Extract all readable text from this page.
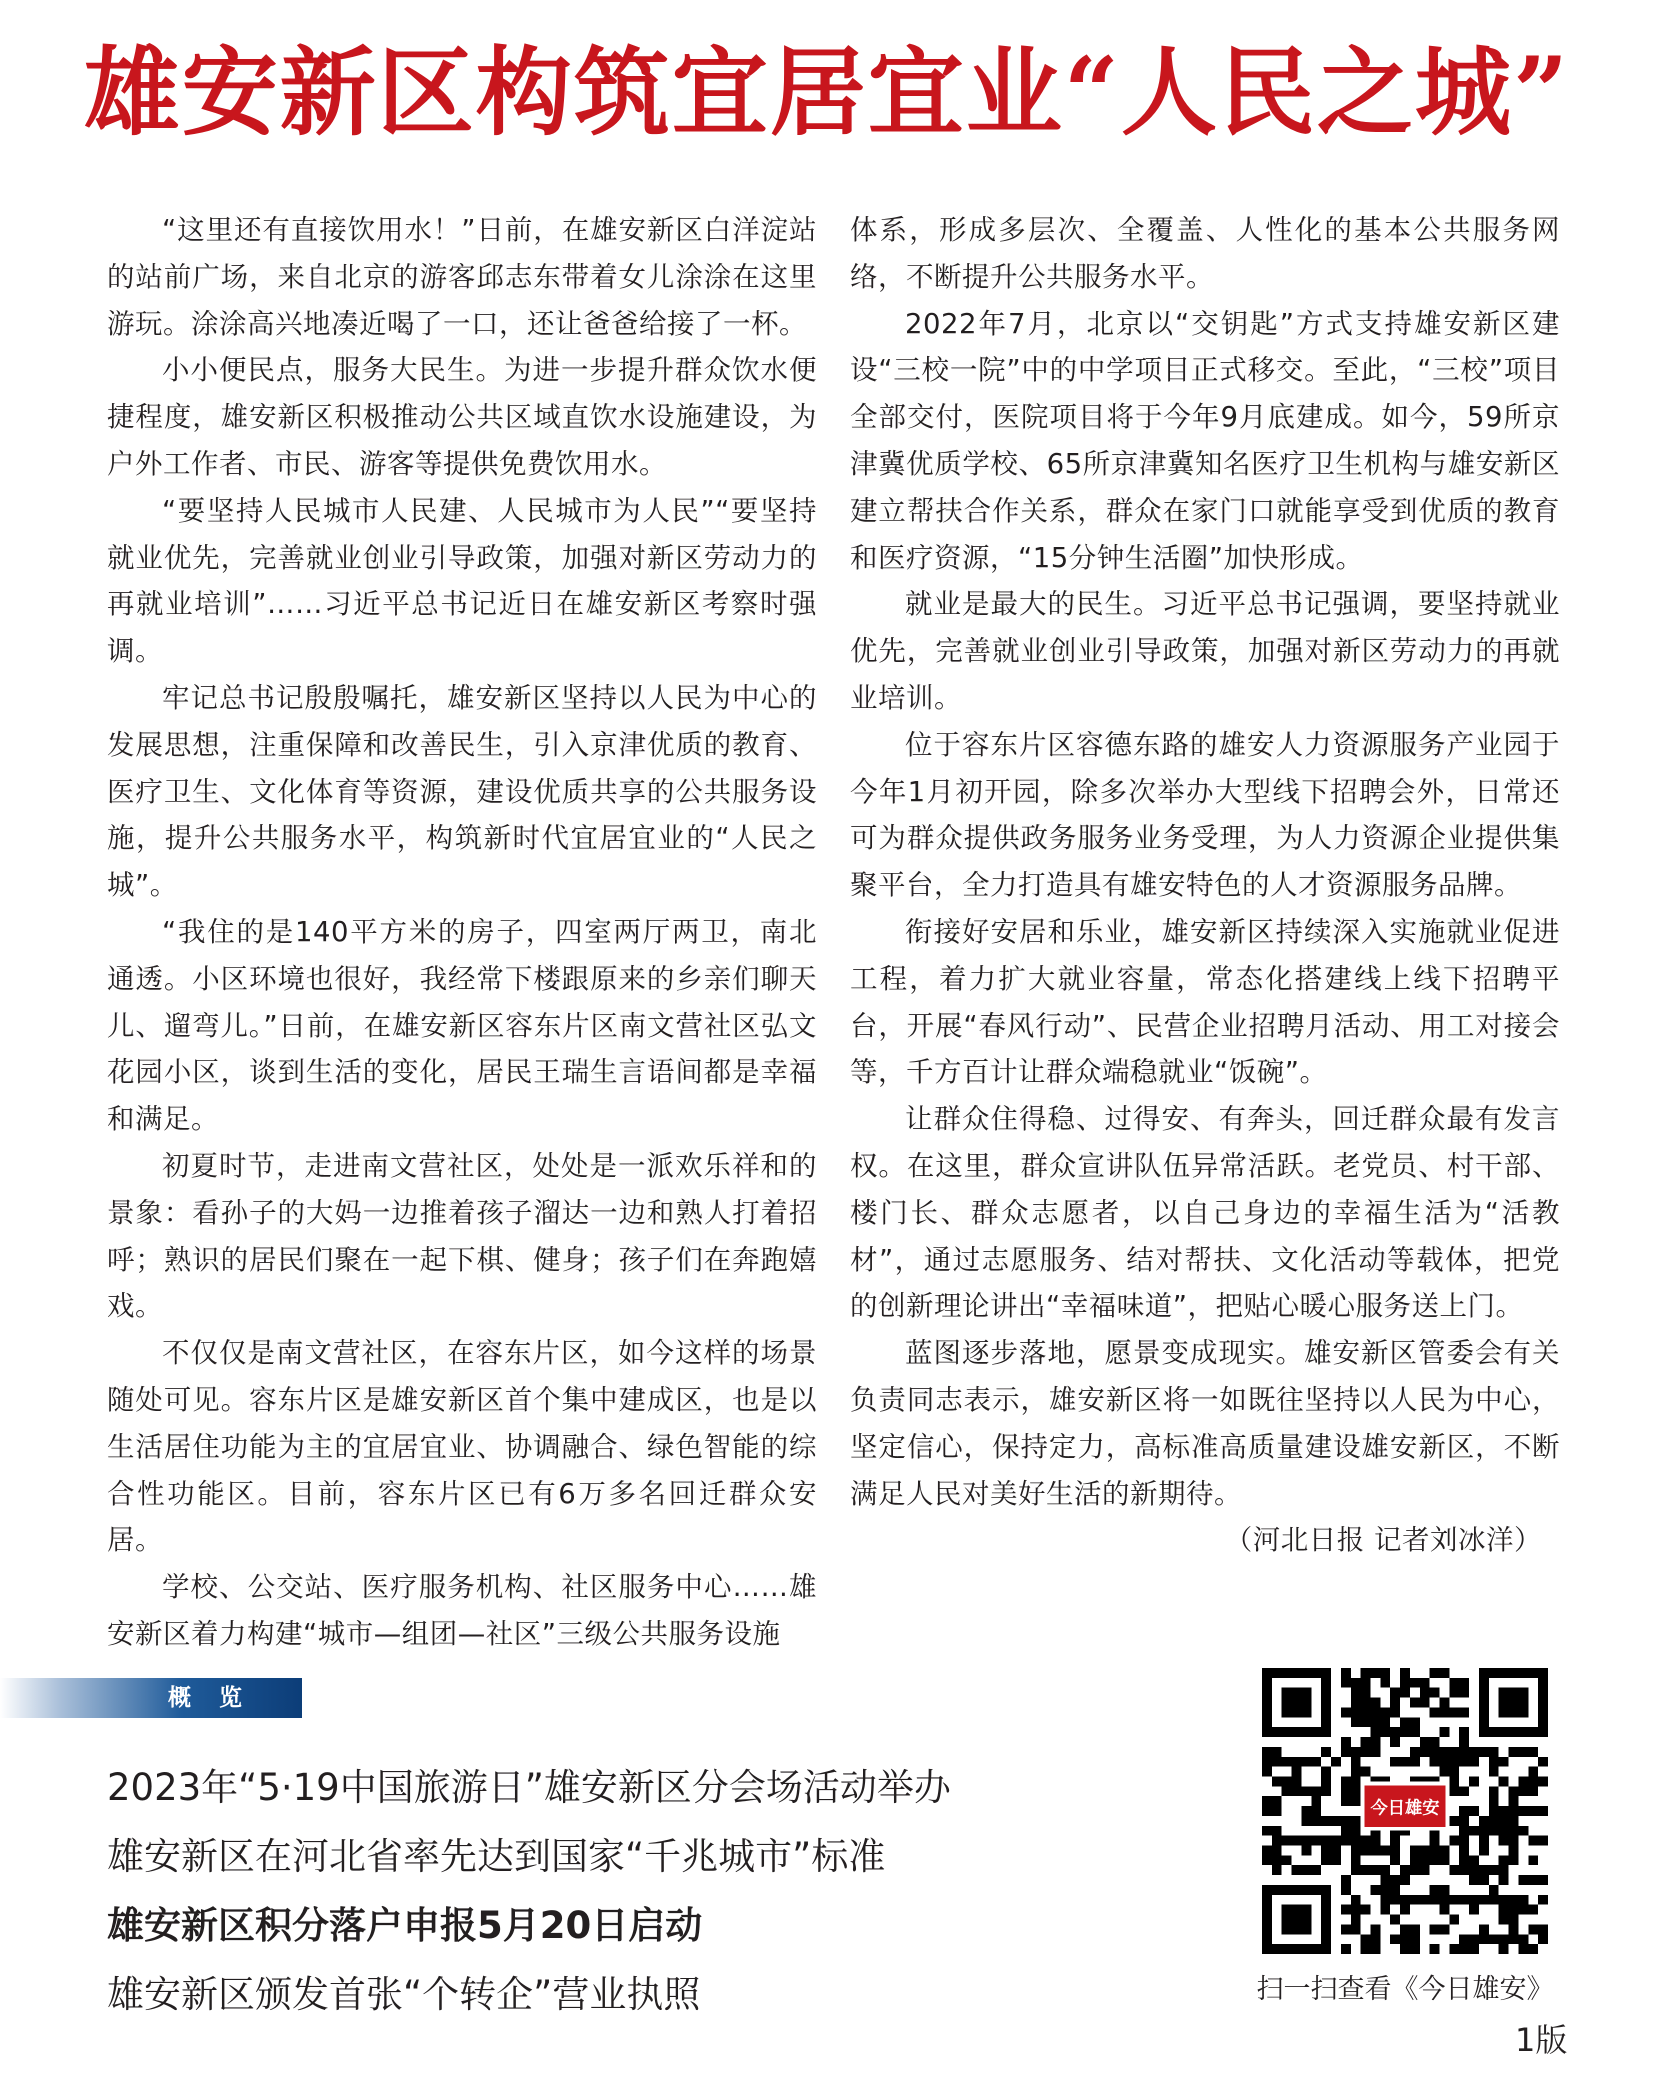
雄安新区构筑宜居宜业“人民之城”

“这里还有直接饮用水！”日前，在雄安新区白洋淀站的站前广场，来自北京的游客邱志东带着女儿涂涂在这里游玩。涂涂高兴地凑近喝了一口，还让爸爸给接了一杯。

小小便民点，服务大民生。为进一步提升群众饮水便捷程度，雄安新区积极推动公共区域直饮水设施建设，为户外工作者、市民、游客等提供免费饮用水。

“要坚持人民城市人民建、人民城市为人民”“要坚持就业优先，完善就业创业引导政策，加强对新区劳动力的再就业培训”……习近平总书记近日在雄安新区考察时强调。

牢记总书记殷殷嘱托，雄安新区坚持以人民为中心的发展思想，注重保障和改善民生，引入京津优质的教育、医疗卫生、文化体育等资源，建设优质共享的公共服务设施，提升公共服务水平，构筑新时代宜居宜业的“人民之城”。

“我住的是140平方米的房子，四室两厅两卫，南北通透。小区环境也很好，我经常下楼跟原来的乡亲们聊天儿、遛弯儿。”日前，在雄安新区容东片区南文营社区弘文花园小区，谈到生活的变化，居民王瑞生言语间都是幸福和满足。

初夏时节，走进南文营社区，处处是一派欢乐祥和的景象：看孙子的大妈一边推着孩子溜达一边和熟人打着招呼；熟识的居民们聚在一起下棋、健身；孩子们在奔跑嬉戏。

不仅仅是南文营社区，在容东片区，如今这样的场景随处可见。容东片区是雄安新区首个集中建成区，也是以生活居住功能为主的宜居宜业、协调融合、绿色智能的综合性功能区。目前，容东片区已有6万多名回迁群众安居。

学校、公交站、医疗服务机构、社区服务中心……雄安新区着力构建“城市—组团—社区”三级公共服务设施

体系，形成多层次、全覆盖、人性化的基本公共服务网络，不断提升公共服务水平。

2022年7月，北京以“交钥匙”方式支持雄安新区建设“三校一院”中的中学项目正式移交。至此，“三校”项目全部交付，医院项目将于今年9月底建成。如今，59所京津冀优质学校、65所京津冀知名医疗卫生机构与雄安新区建立帮扶合作关系，群众在家门口就能享受到优质的教育和医疗资源，“15分钟生活圈”加快形成。

就业是最大的民生。习近平总书记强调，要坚持就业优先，完善就业创业引导政策，加强对新区劳动力的再就业培训。

位于容东片区容德东路的雄安人力资源服务产业园于今年1月初开园，除多次举办大型线下招聘会外，日常还可为群众提供政务服务业务受理，为人力资源企业提供集聚平台，全力打造具有雄安特色的人才资源服务品牌。

衔接好安居和乐业，雄安新区持续深入实施就业促进工程，着力扩大就业容量，常态化搭建线上线下招聘平台，开展“春风行动”、民营企业招聘月活动、用工对接会等，千方百计让群众端稳就业“饭碗”。

让群众住得稳、过得安、有奔头，回迁群众最有发言权。在这里，群众宣讲队伍异常活跃。老党员、村干部、楼门长、群众志愿者，以自己身边的幸福生活为“活教材”，通过志愿服务、结对帮扶、文化活动等载体，把党的创新理论讲出“幸福味道”，把贴心暖心服务送上门。

蓝图逐步落地，愿景变成现实。雄安新区管委会有关负责同志表示，雄安新区将一如既往坚持以人民为中心，坚定信心，保持定力，高标准高质量建设雄安新区，不断满足人民对美好生活的新期待。

（河北日报 记者刘冰洋）

概 览
2023年“5·19中国旅游日”雄安新区分会场活动举办
雄安新区在河北省率先达到国家“千兆城市”标准
雄安新区积分落户申报5月20日启动
雄安新区颁发首张“个转企”营业执照
今日雄安
扫一扫查看《今日雄安》
1版
